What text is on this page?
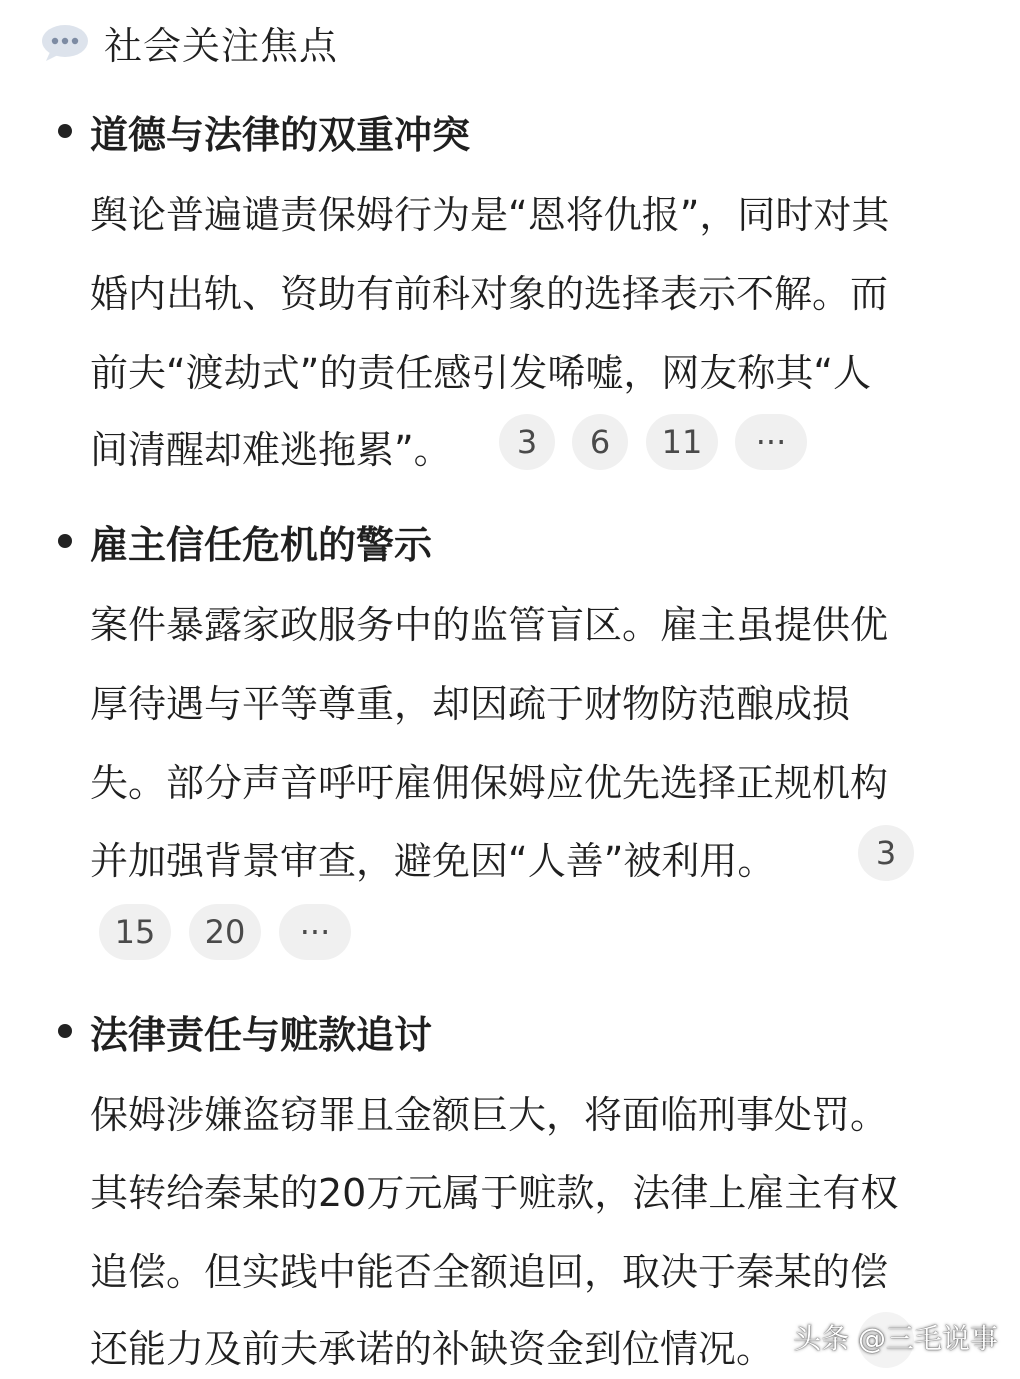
社会关注焦点
道德与法律的双重冲突
舆论普遍谴责保姆行为是“恩将仇报”，同时对其
婚内出轨、资助有前科对象的选择表示不解。而
前夫“渡劫式”的责任感引发唏嘘，网友称其“人
间清醒却难逃拖累”。	3	6	11	···
雇主信任危机的警示
案件暴露家政服务中的监管盲区。雇主虽提供优
厚待遇与平等尊重，却因疏于财物防范酿成损
失。部分声音呼吁雇佣保姆应优先选择正规机构
并加强背景审查，避免因“人善”被利用。	3
15	20	···
法律责任与赃款追讨
保姆涉嫌盗窃罪且金额巨大，将面临刑事处罚。
其转给秦某的20万元属于赃款，法律上雇主有权
追偿。但实践中能否全额追回，取决于秦某的偿
还能力及前夫承诺的补缺资金到位情况。 头条 @三毛说事
